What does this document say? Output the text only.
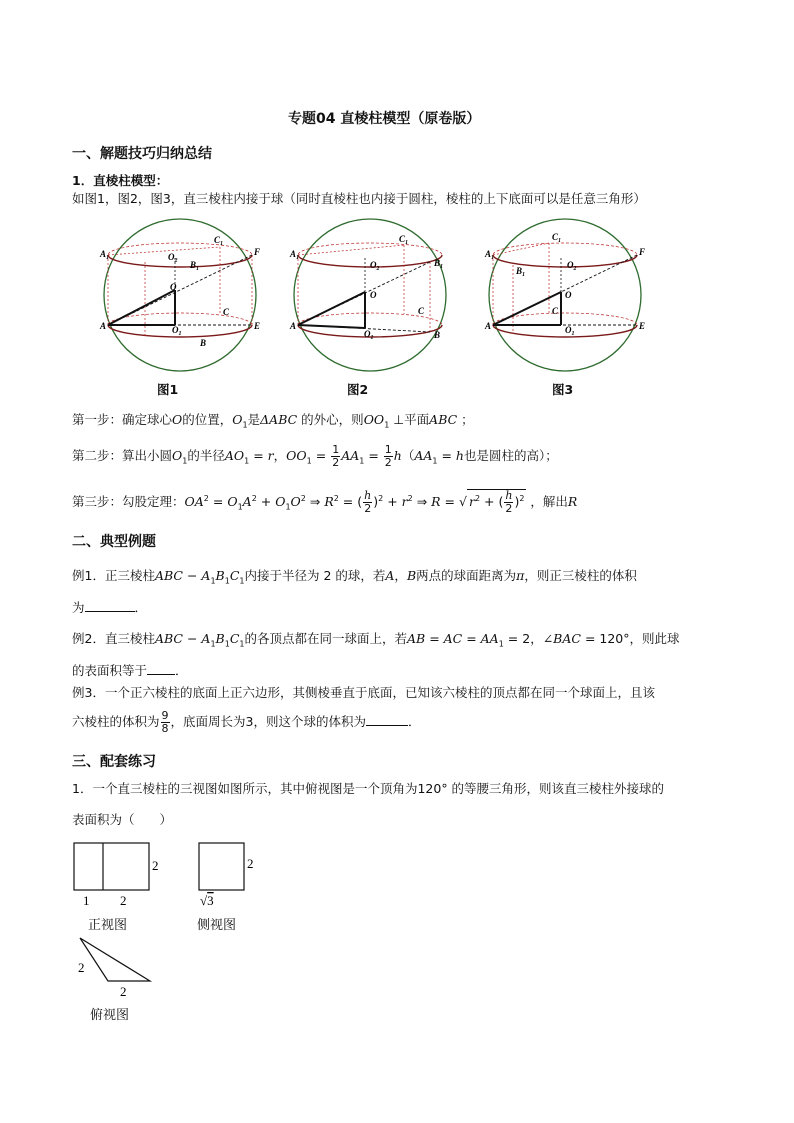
专题04 直棱柱模型（原卷版）
一、解题技巧归纳总结
1．直棱柱模型：
如图1，图2，图3，直三棱柱内接于球（同时直棱柱也内接于圆柱，棱柱的上下底面可以是任意三角形）
$A_1$
$C_1$
$O_2$ $B_1$
F
O
C
A	$O_1$
E
B
$A_1$
$C_1$
$O_2$
$B_1$
O
C
A
$O_1$	B
$A_1$
$C_1$
$O_2$
$B_1$
F
O
C
A	$O_1$
E
图1	图2	图3
第一步：确定球心O的位置，$O_1$是ΔABC 的外心，则$OO_1$ ⊥平面ABC ；
第二步：算出小圆$O_1$的半径$AO_1 = r$，$OO_1 = \frac{1}{2} AA_1 = \frac{1}{2} h(AA_1 = h$也是圆柱的高）；
第三步：勾股定理：$OA^2 = O_1A^2 + O_1O^2$ ⇒ $R^2$ = ( $\frac{h}{2} )^2 + r^2$ ⇒ R = √ $r^2$ + ( $\frac{h}{2} )^2$ ，解出R
二、典型例题
例1．正三棱柱ABC − $A_1B_1C_1$内接于半径为 2 的球，若A，B两点的球面距离为π，则正三棱柱的体积
为	．
例2．直三棱柱ABC − $A_1B_1C_1$的各顶点都在同一球面上，若AB = AC = $AA_1 = 2$，∠BAC = 120°，则此球
的表面积等于 ．
例3．一个正六棱柱的底面上正六边形，其侧棱垂直于底面，已知该六棱柱的顶点都在同一个球面上，且该
六棱柱的体积为 $\frac{9}{8}$ ，底面周长为3，则这个球的体积为	．
三、配套练习
1．一个直三棱柱的三视图如图所示，其中俯视图是一个顶角为120° 的等腰三角形，则该直三棱柱外接球的
表面积为（　　）
2
1 2
2
√3
2
2
正视图	侧视图
俯视图
